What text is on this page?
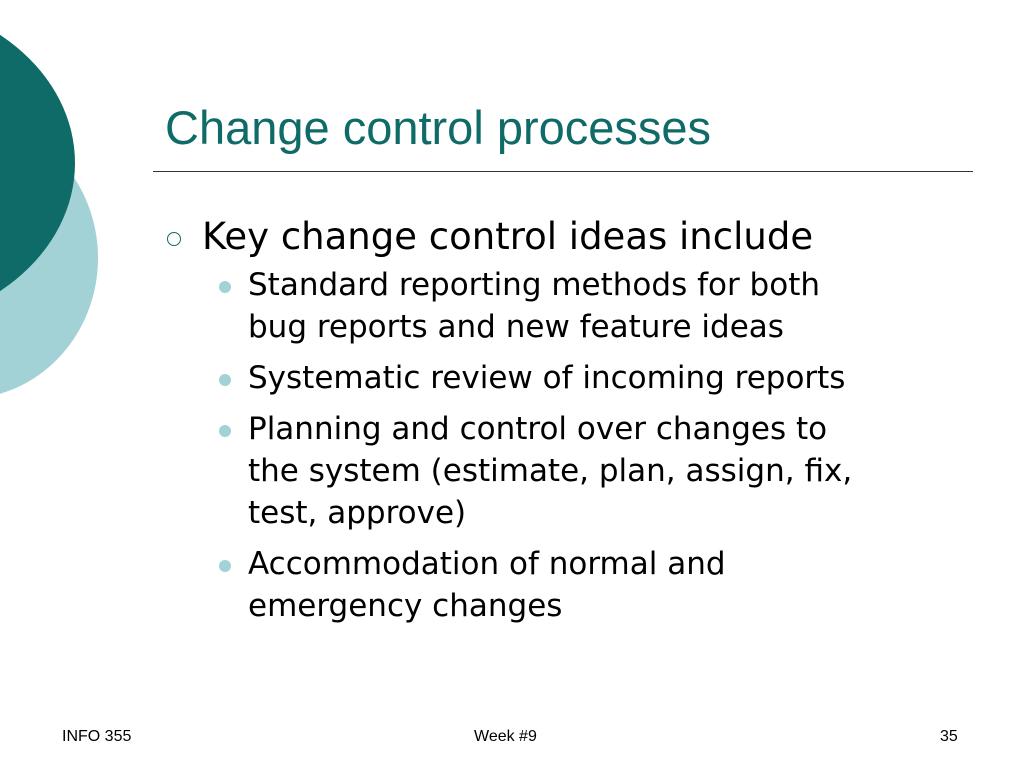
Change control processes
Key change control ideas include
Standard reporting methods for both
bug reports and new feature ideas
Systematic review of incoming reports
Planning and control over changes to
the system (estimate, plan, assign, fix,
test, approve)
Accommodation of normal and
emergency changes
INFO 355	Week #9	35
